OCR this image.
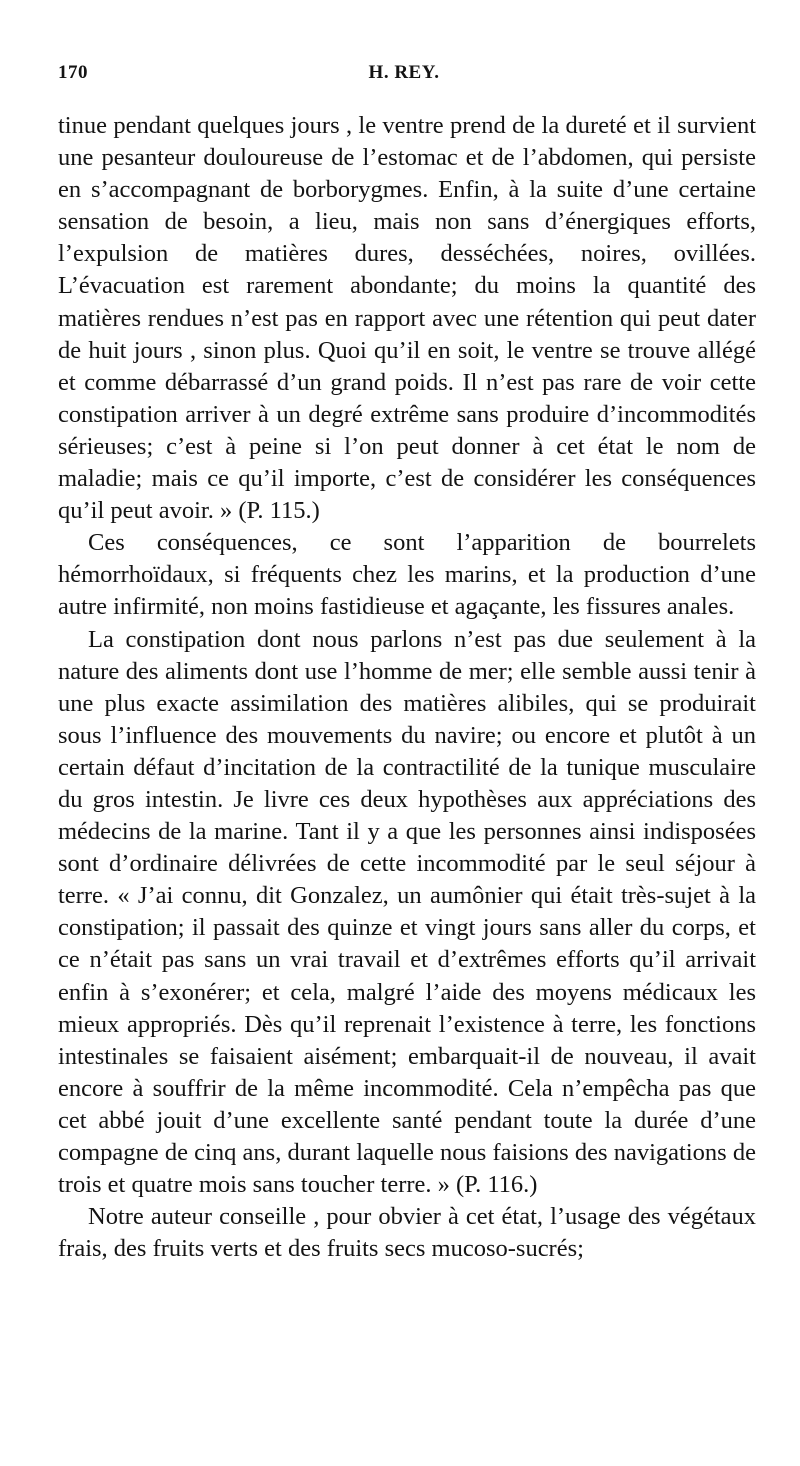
170	H. REY.

tinue pendant quelques jours , le ventre prend de la dureté et il survient une pesanteur douloureuse de l’estomac et de l’abdomen, qui persiste en s’accompagnant de borborygmes. Enfin, à la suite d’une certaine sensation de besoin, a lieu, mais non sans d’énergiques efforts, l’expulsion de matières dures, desséchées, noires, ovillées. L’évacuation est rarement abondante; du moins la quantité des matières rendues n’est pas en rapport avec une rétention qui peut dater de huit jours , sinon plus. Quoi qu’il en soit, le ventre se trouve allégé et comme débarrassé d’un grand poids. Il n’est pas rare de voir cette constipation arriver à un degré extrême sans produire d’incommodités sérieuses; c’est à peine si l’on peut donner à cet état le nom de maladie; mais ce qu’il importe, c’est de considérer les conséquences qu’il peut avoir. » (P. 115.)

Ces conséquences, ce sont l’apparition de bourrelets hémorrhoïdaux, si fréquents chez les marins, et la production d’une autre infirmité, non moins fastidieuse et agaçante, les fissures anales.

La constipation dont nous parlons n’est pas due seulement à la nature des aliments dont use l’homme de mer; elle semble aussi tenir à une plus exacte assimilation des matières alibiles, qui se produirait sous l’influence des mouvements du navire; ou encore et plutôt à un certain défaut d’incitation de la contractilité de la tunique musculaire du gros intestin. Je livre ces deux hypothèses aux appréciations des médecins de la marine. Tant il y a que les personnes ainsi indisposées sont d’ordinaire délivrées de cette incommodité par le seul séjour à terre. « J’ai connu, dit Gonzalez, un aumônier qui était très-sujet à la constipation; il passait des quinze et vingt jours sans aller du corps, et ce n’était pas sans un vrai travail et d’extrêmes efforts qu’il arrivait enfin à s’exonérer; et cela, malgré l’aide des moyens médicaux les mieux appropriés. Dès qu’il reprenait l’existence à terre, les fonctions intestinales se faisaient aisément; embarquait-il de nouveau, il avait encore à souffrir de la même incommodité. Cela n’empêcha pas que cet abbé jouit d’une excellente santé pendant toute la durée d’une compagne de cinq ans, durant laquelle nous faisions des navigations de trois et quatre mois sans toucher terre. » (P. 116.)

Notre auteur conseille , pour obvier à cet état, l’usage des végétaux frais, des fruits verts et des fruits secs mucoso-sucrés;
